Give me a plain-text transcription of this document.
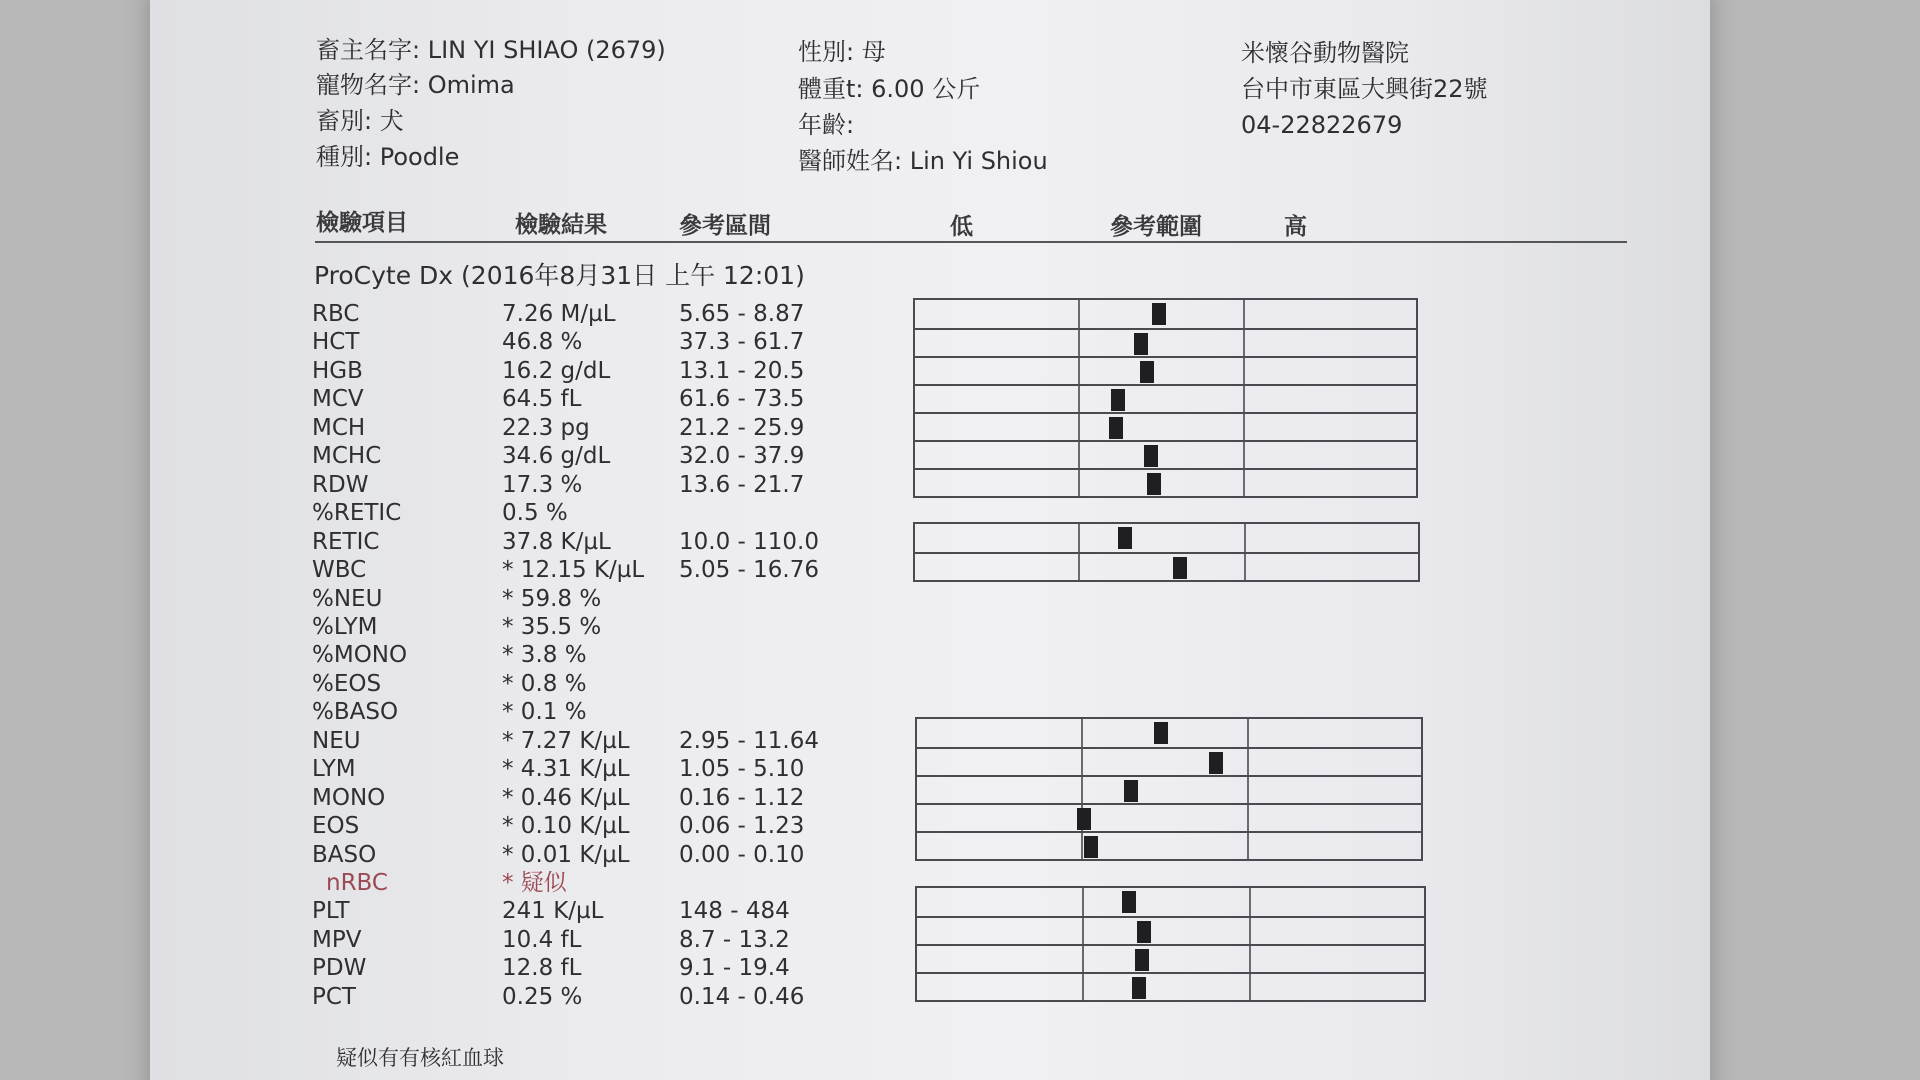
畜主名字: LIN YI SHIAO (2679)
寵物名字: Omima
畜別: 犬
種別: Poodle
性別: 母
體重t: 6.00 公斤
年齡:
醫師姓名: Lin Yi Shiou
米懷谷動物醫院
台中市東區大興街22號
04-22822679
檢驗項目	檢驗結果	參考區間	低	參考範圍	高
ProCyte Dx (2016年8月31日 上午 12:01)
RBC	7.26 M/µL	5.65 - 8.87
HCT	46.8 %	37.3 - 61.7
HGB	16.2 g/dL	13.1 - 20.5
MCV	64.5 fL	61.6 - 73.5
MCH	22.3 pg	21.2 - 25.9
MCHC	34.6 g/dL	32.0 - 37.9
RDW	17.3 %	13.6 - 21.7
%RETIC	0.5 %
RETIC	37.8 K/µL	10.0 - 110.0
WBC	* 12.15 K/µL 5.05 - 16.76
%NEU	* 59.8 %
%LYM	* 35.5 %
%MONO	* 3.8 %
%EOS	* 0.8 %
%BASO	* 0.1 %
NEU	* 7.27 K/µL 2.95 - 11.64
LYM	* 4.31 K/µL 1.05 - 5.10
MONO	* 0.46 K/µL 0.16 - 1.12
EOS	* 0.10 K/µL 0.06 - 1.23
BASO	* 0.01 K/µL 0.00 - 0.10
nRBC	* 疑似
PLT	241 K/µL	148 - 484
MPV	10.4 fL	8.7 - 13.2
PDW	12.8 fL	9.1 - 19.4
PCT	0.25 %	0.14 - 0.46
疑似有有核紅血球
